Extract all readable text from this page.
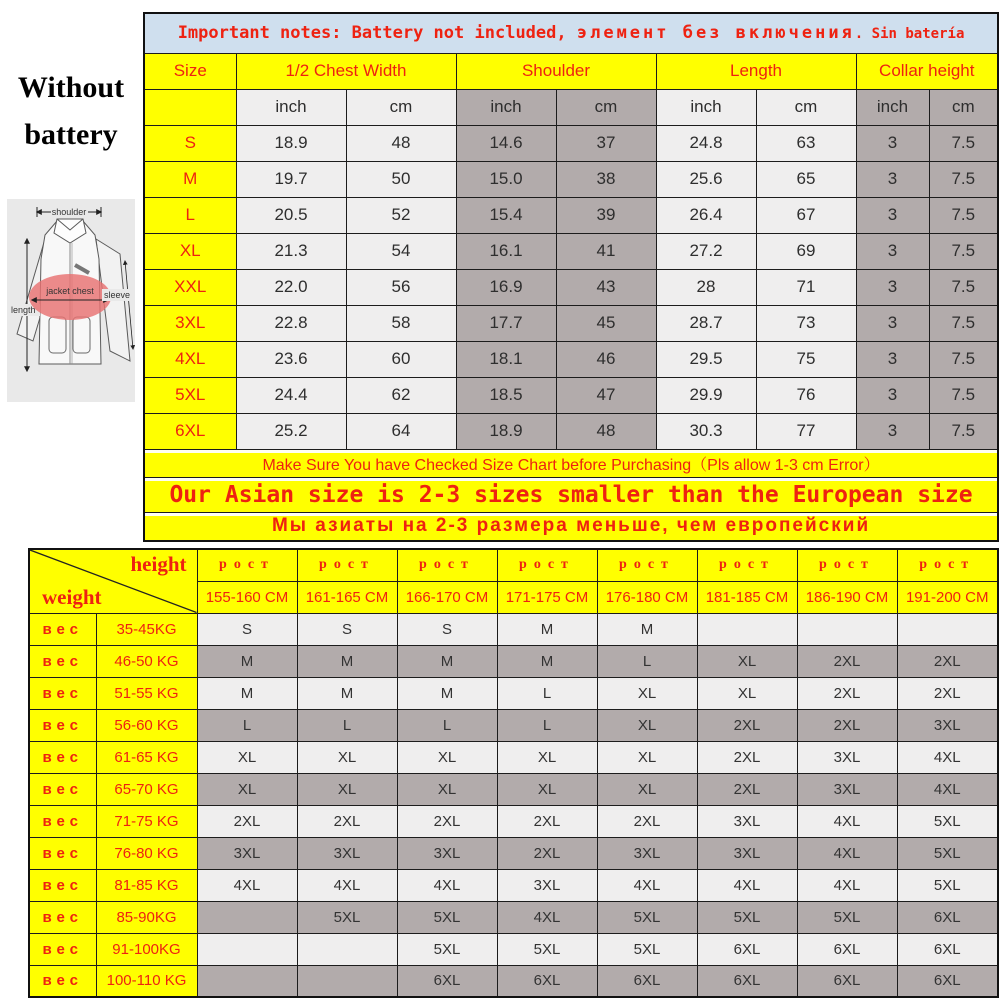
Without
battery
shoulder
length
jacket chest sleeve
Important notes: Battery not included, элемент без включения. Sin batería								
Size	1/2 Chest Width		Shoulder		Length		Collar height	
	inch	cm	inch	cm	inch	cm	inch	cm
S	18.9	48	14.6	37	24.8	63	3	7.5
M	19.7	50	15.0	38	25.6	65	3	7.5
L	20.5	52	15.4	39	26.4	67	3	7.5
XL	21.3	54	16.1	41	27.2	69	3	7.5
XXL	22.0	56	16.9	43	28	71	3	7.5
3XL	22.8	58	17.7	45	28.7	73	3	7.5
4XL	23.6	60	18.1	46	29.5	75	3	7.5
5XL	24.4	62	18.5	47	29.9	76	3	7.5
6XL	25.2	64	18.9	48	30.3	77	3	7.5
Make Sure You have Checked Size Chart before Purchasing（Pls allow 1-3 cm Error）								
Our Asian size is 2-3 sizes smaller than the European size								
Мы азиаты на 2-3 размера меньше, чем европейский								
height
weight		рост	рост	рост	рост	рост	рост	рост	рост
		155-160 CM	161-165 CM	166-170 CM	171-175 CM	176-180 CM	181-185 CM	186-190 CM	191-200 CM
вес	35-45KG	S	S	S	M	M			
вес	46-50 KG	M	M	M	M	L	XL	2XL	2XL
вес	51-55 KG	M	M	M	L	XL	XL	2XL	2XL
вес	56-60 KG	L	L	L	L	XL	2XL	2XL	3XL
вес	61-65 KG	XL	XL	XL	XL	XL	2XL	3XL	4XL
вес	65-70 KG	XL	XL	XL	XL	XL	2XL	3XL	4XL
вес	71-75 KG	2XL	2XL	2XL	2XL	2XL	3XL	4XL	5XL
вес	76-80 KG	3XL	3XL	3XL	2XL	3XL	3XL	4XL	5XL
вес	81-85 KG	4XL	4XL	4XL	3XL	4XL	4XL	4XL	5XL
вес	85-90KG		5XL	5XL	4XL	5XL	5XL	5XL	6XL
вес	91-100KG			5XL	5XL	5XL	6XL	6XL	6XL
вес	100-110 KG			6XL	6XL	6XL	6XL	6XL	6XL
